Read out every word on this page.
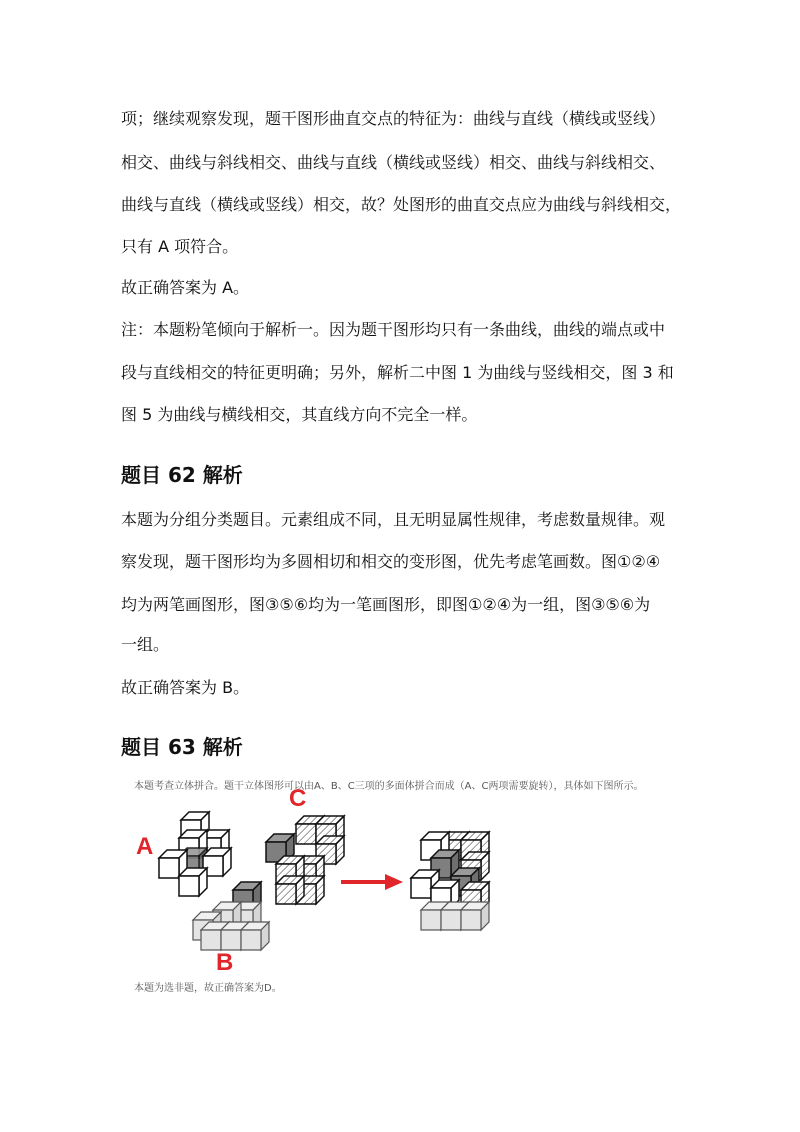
项；继续观察发现，题干图形曲直交点的特征为：曲线与直线（横线或竖线）
相交、曲线与斜线相交、曲线与直线（横线或竖线）相交、曲线与斜线相交、
曲线与直线（横线或竖线）相交，故？处图形的曲直交点应为曲线与斜线相交，
只有 A 项符合。
故正确答案为 A。
注：本题粉笔倾向于解析一。因为题干图形均只有一条曲线，曲线的端点或中
段与直线相交的特征更明确；另外，解析二中图 1 为曲线与竖线相交，图 3 和
图 5 为曲线与横线相交，其直线方向不完全一样。
题目 62 解析
本题为分组分类题目。元素组成不同，且无明显属性规律，考虑数量规律。观
察发现，题干图形均为多圆相切和相交的变形图，优先考虑笔画数。图①②④
均为两笔画图形，图③⑤⑥均为一笔画图形，即图①②④为一组，图③⑤⑥为
一组。
故正确答案为 B。
题目 63 解析
本题考查立体拼合。题干立体图形可以由A、B、C三项的多面体拼合而成（A、C两项需要旋转），具体如下图所示。
A
B
C
本题为选非题，故正确答案为D。
